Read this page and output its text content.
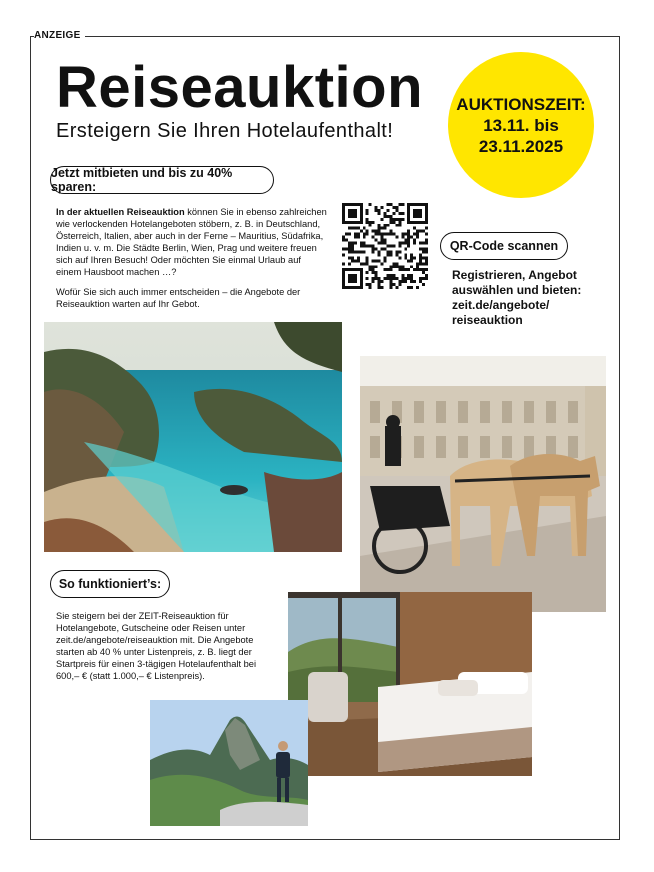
ANZEIGE
Reiseauktion
Ersteigern Sie Ihren Hotelaufenthalt!
AUKTIONSZEIT:
13.11. bis
23.11.2025
Jetzt mitbieten und bis zu 40% sparen:

In der aktuellen Reiseauktion können Sie in ebenso zahlreichen wie verlockenden Hotelangeboten stöbern, z. B. in Deutschland, Österreich, Italien, aber auch in der Ferne – Mauritius, Südafrika, Indien u. v. m. Die Städte Berlin, Wien, Prag und weitere freuen sich auf Ihren Besuch! Oder möchten Sie einmal Urlaub auf einem Hausboot machen …?

Wofür Sie sich auch immer entscheiden – die Angebote der Reiseauktion warten auf Ihr Gebot.

QR-Code scannen
Registrieren, Angebot auswählen und bieten: zeit.de/angebote/ reiseauktion
So funktioniert’s:
Sie steigern bei der ZEIT-Reiseauktion für Hotelangebote, Gutscheine oder Reisen unter zeit.de/angebote/reiseauktion mit. Die Angebote starten ab 40 % unter Listenpreis, z. B. liegt der Startpreis für einen 3-tägigen Hotelaufenthalt bei 600,– € (statt 1.000,– € Listenpreis).
